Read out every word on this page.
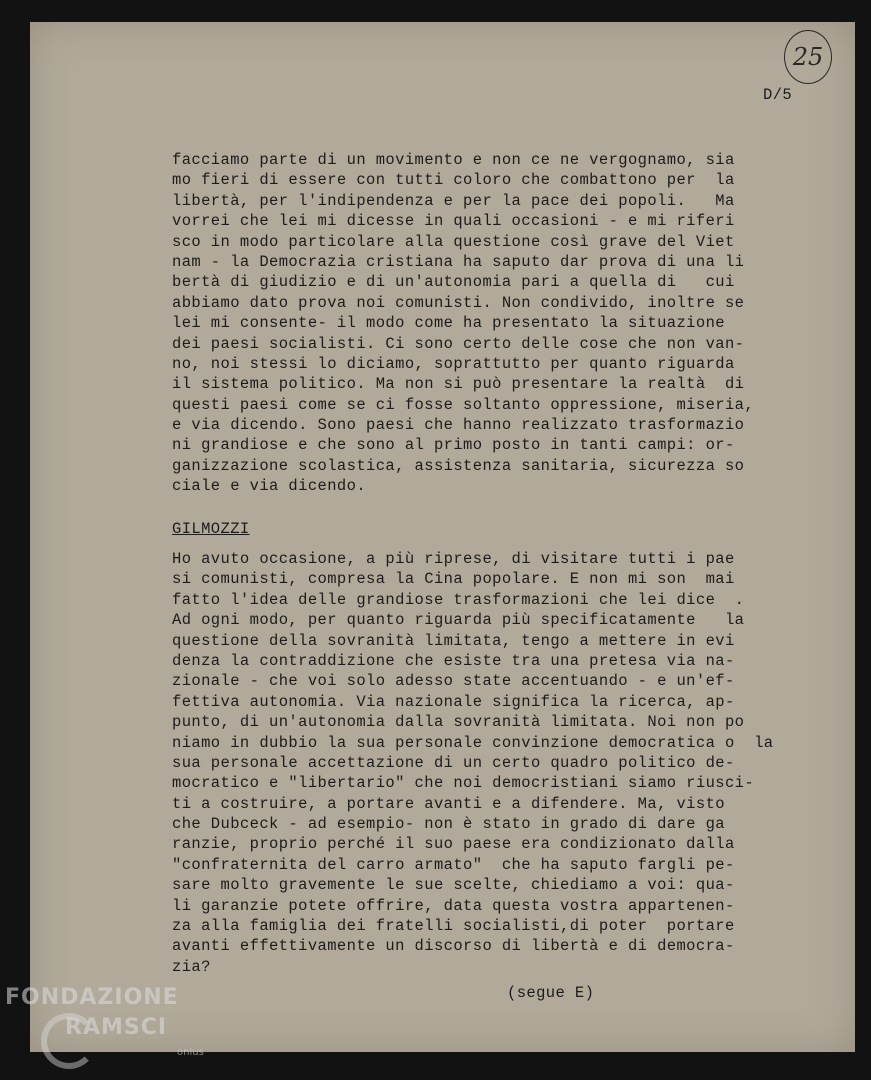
25
D/5
facciamo parte di un movimento e non ce ne vergognamo, sia
mo fieri di essere con tutti coloro che combattono per  la
libertà, per l'indipendenza e per la pace dei popoli.   Ma
vorrei che lei mi dicesse in quali occasioni - e mi riferi
sco in modo particolare alla questione così grave del Viet
nam - la Democrazia cristiana ha saputo dar prova di una li
bertà di giudizio e di un'autonomia pari a quella di   cui
abbiamo dato prova noi comunisti. Non condivido, inoltre se
lei mi consente- il modo come ha presentato la situazione
dei paesi socialisti. Ci sono certo delle cose che non van-
no, noi stessi lo diciamo, soprattutto per quanto riguarda
il sistema politico. Ma non si può presentare la realtà  di
questi paesi come se ci fosse soltanto oppressione, miseria,
e via dicendo. Sono paesi che hanno realizzato trasformazio
ni grandiose e che sono al primo posto in tanti campi: or-
ganizzazione scolastica, assistenza sanitaria, sicurezza so
ciale e via dicendo.
GILMOZZI
Ho avuto occasione, a più riprese, di visitare tutti i pae
si comunisti, compresa la Cina popolare. E non mi son  mai
fatto l'idea delle grandiose trasformazioni che lei dice  .
Ad ogni modo, per quanto riguarda più specificatamente   la
questione della sovranità limitata, tengo a mettere in evi
denza la contraddizione che esiste tra una pretesa via na-
zionale - che voi solo adesso state accentuando - e un'ef-
fettiva autonomia. Via nazionale significa la ricerca, ap-
punto, di un'autonomia dalla sovranità limitata. Noi non po
niamo in dubbio la sua personale convinzione democratica o  la
sua personale accettazione di un certo quadro politico de-
mocratico e "libertario" che noi democristiani siamo riusci-
ti a costruire, a portare avanti e a difendere. Ma, visto
che Dubceck - ad esempio- non è stato in grado di dare ga
ranzie, proprio perché il suo paese era condizionato dalla
"confraternita del carro armato"  che ha saputo fargli pe-
sare molto gravemente le sue scelte, chiediamo a voi: qua-
li garanzie potete offrire, data questa vostra appartenen-
za alla famiglia dei fratelli socialisti,di poter  portare
avanti effettivamente un discorso di libertà e di democra-
zia?
(segue E)
FONDAZIONE
RAMSCI
onlus
